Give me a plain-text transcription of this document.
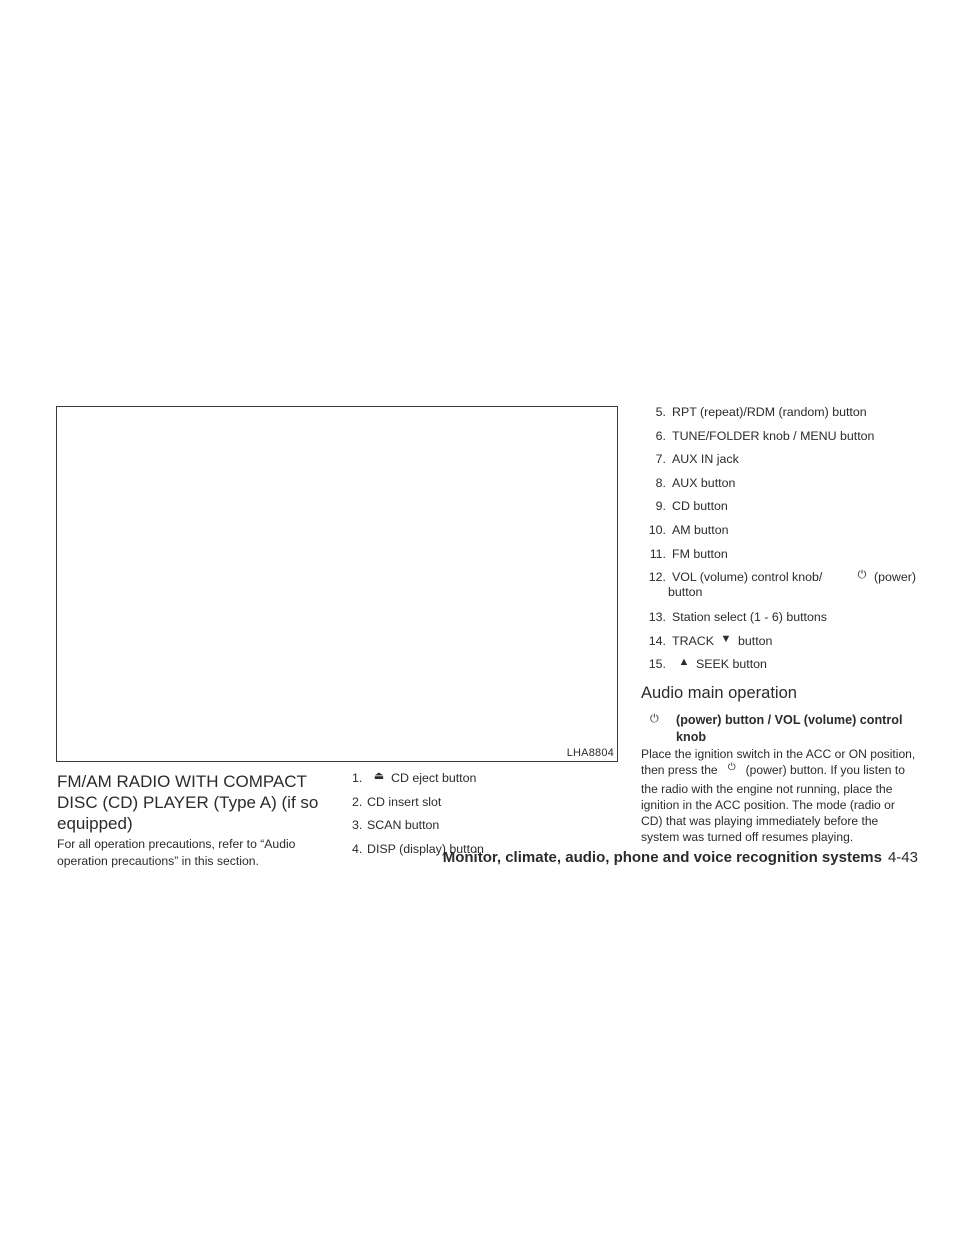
LHA8804
FM/AM RADIO WITH COMPACT DISC (CD) PLAYER (Type A) (if so equipped)

For all operation precautions, refer to “Audio operation precautions” in this section.

1. ⏏ CD eject button
2. CD insert slot
3. SCAN button
4. DISP (display) button
5. RPT (repeat)/RDM (random) button
6. TUNE/FOLDER knob / MENU button
7. AUX IN jack
8. AUX button
9. CD button
10. AM button
11. FM button
12. VOL (volume) control knob/	⏻ (power)
button
13. Station select (1 - 6) buttons
14. TRACK ▼ button
15. ▲ SEEK button
Audio main operation
⏻	(power) button / VOL (volume) control knob

Place the ignition switch in the ACC or ON position, then press the ⏻ (power) button. If you listen to the radio with the engine not running, place the ignition in the ACC position. The mode (radio or CD) that was playing immediately before the system was turned off resumes playing.

Monitor, climate, audio, phone and voice recognition systems 4-43
